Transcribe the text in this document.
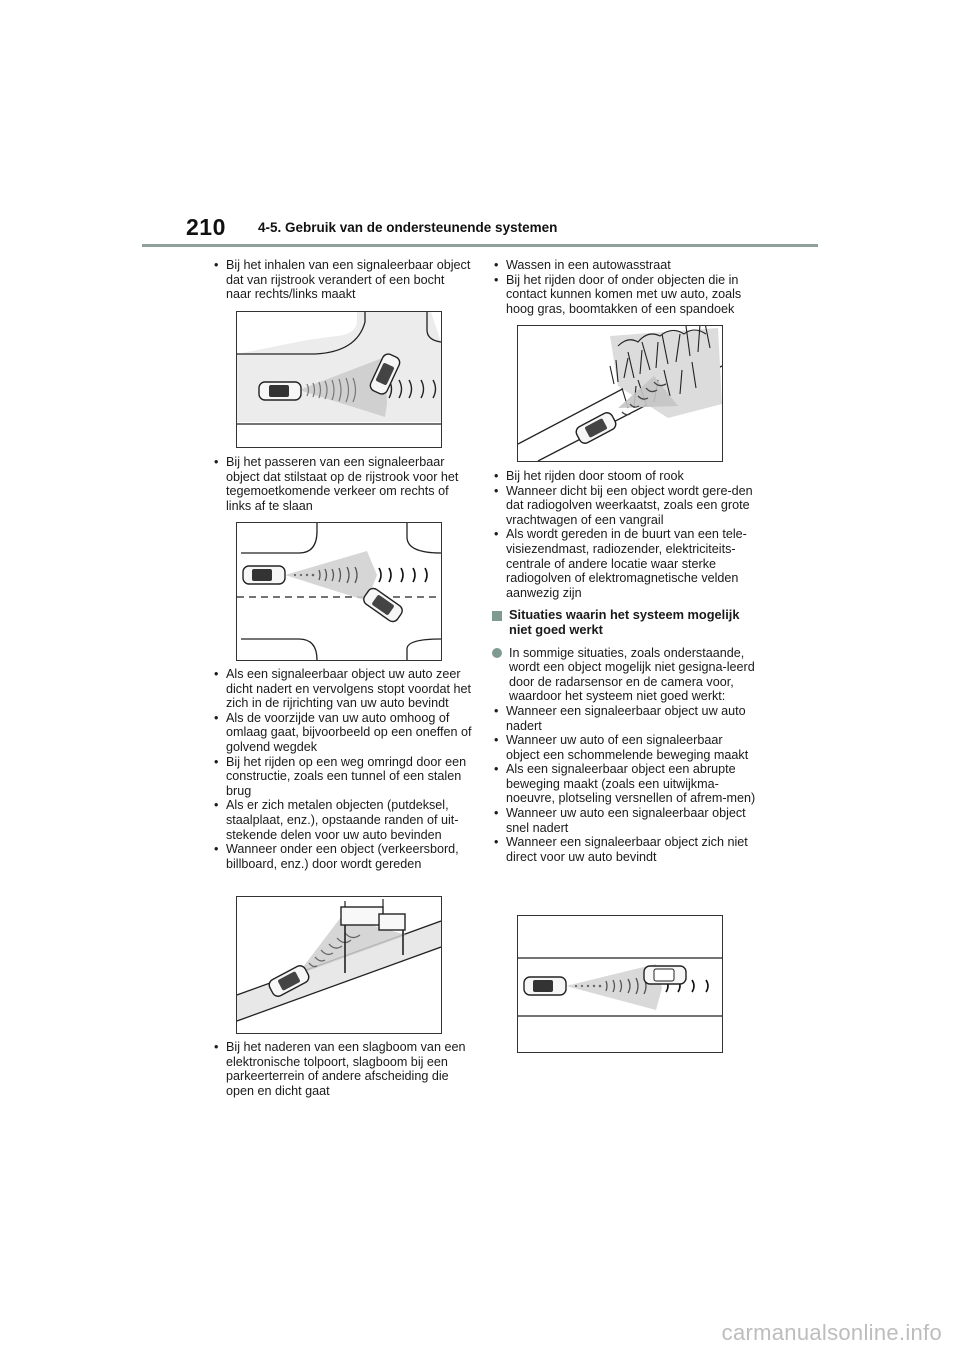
210 4-5. Gebruik van de ondersteunende systemen
• Bij het inhalen van een signaleerbaar object dat van rijstrook verandert of een bocht naar rechts/links maakt
• Bij het passeren van een signaleerbaar object dat stilstaat op de rijstrook voor het tegemoetkomende verkeer om rechts of links af te slaan
• Als een signaleerbaar object uw auto zeer dicht nadert en vervolgens stopt voordat het zich in de rijrichting van uw auto bevindt
• Als de voorzijde van uw auto omhoog of omlaag gaat, bijvoorbeeld op een oneffen of golvend wegdek
• Bij het rijden op een weg omringd door een constructie, zoals een tunnel of een stalen brug
• Als er zich metalen objecten (putdeksel, staalplaat, enz.), opstaande randen of uit-stekende delen voor uw auto bevinden
• Wanneer onder een object (verkeersbord, billboard, enz.) door wordt gereden
• Bij het naderen van een slagboom van een elektronische tolpoort, slagboom bij een parkeerterrein of andere afscheiding die open en dicht gaat
• Wassen in een autowasstraat
• Bij het rijden door of onder objecten die in contact kunnen komen met uw auto, zoals hoog gras, boomtakken of een spandoek
• Bij het rijden door stoom of rook
• Wanneer dicht bij een object wordt gere-den dat radiogolven weerkaatst, zoals een grote vrachtwagen of een vangrail
• Als wordt gereden in de buurt van een tele-visiezendmast, radiozender, elektriciteits-centrale of andere locatie waar sterke radiogolven of elektromagnetische velden aanwezig zijn
Situaties waarin het systeem mogelijk niet goed werkt
In sommige situaties, zoals onderstaande, wordt een object mogelijk niet gesigna-leerd door de radarsensor en de camera voor, waardoor het systeem niet goed werkt:
• Wanneer een signaleerbaar object uw auto nadert
• Wanneer uw auto of een signaleerbaar object een schommelende beweging maakt
• Als een signaleerbaar object een abrupte beweging maakt (zoals een uitwijkma-noeuvre, plotseling versnellen of afrem-men)
• Wanneer uw auto een signaleerbaar object snel nadert
• Wanneer een signaleerbaar object zich niet direct voor uw auto bevindt
carmanualsonline.info
